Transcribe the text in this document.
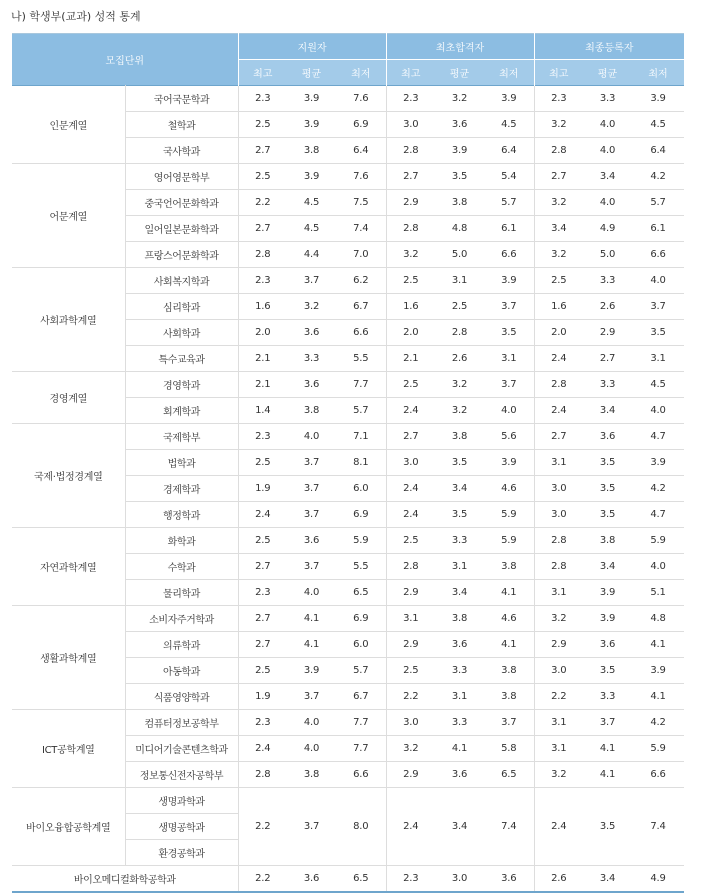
나) 학생부(교과) 성적 통계
모집단위		지원자			최초합격자			최종등록자		
		최고	평균	최저	최고	평균	최저	최고	평균	최저
인문계열	국어국문학과	2.3	3.9	7.6	2.3	3.2	3.9	2.3	3.3	3.9
	철학과	2.5	3.9	6.9	3.0	3.6	4.5	3.2	4.0	4.5
	국사학과	2.7	3.8	6.4	2.8	3.9	6.4	2.8	4.0	6.4
어문계열	영어영문학부	2.5	3.9	7.6	2.7	3.5	5.4	2.7	3.4	4.2
	중국언어문화학과	2.2	4.5	7.5	2.9	3.8	5.7	3.2	4.0	5.7
	일어일본문화학과	2.7	4.5	7.4	2.8	4.8	6.1	3.4	4.9	6.1
	프랑스어문화학과	2.8	4.4	7.0	3.2	5.0	6.6	3.2	5.0	6.6
사회과학계열	사회복지학과	2.3	3.7	6.2	2.5	3.1	3.9	2.5	3.3	4.0
	심리학과	1.6	3.2	6.7	1.6	2.5	3.7	1.6	2.6	3.7
	사회학과	2.0	3.6	6.6	2.0	2.8	3.5	2.0	2.9	3.5
	특수교육과	2.1	3.3	5.5	2.1	2.6	3.1	2.4	2.7	3.1
경영계열	경영학과	2.1	3.6	7.7	2.5	3.2	3.7	2.8	3.3	4.5
	회계학과	1.4	3.8	5.7	2.4	3.2	4.0	2.4	3.4	4.0
국제·법정경계열	국제학부	2.3	4.0	7.1	2.7	3.8	5.6	2.7	3.6	4.7
	법학과	2.5	3.7	8.1	3.0	3.5	3.9	3.1	3.5	3.9
	경제학과	1.9	3.7	6.0	2.4	3.4	4.6	3.0	3.5	4.2
	행정학과	2.4	3.7	6.9	2.4	3.5	5.9	3.0	3.5	4.7
자연과학계열	화학과	2.5	3.6	5.9	2.5	3.3	5.9	2.8	3.8	5.9
	수학과	2.7	3.7	5.5	2.8	3.1	3.8	2.8	3.4	4.0
	물리학과	2.3	4.0	6.5	2.9	3.4	4.1	3.1	3.9	5.1
생활과학계열	소비자주거학과	2.7	4.1	6.9	3.1	3.8	4.6	3.2	3.9	4.8
	의류학과	2.7	4.1	6.0	2.9	3.6	4.1	2.9	3.6	4.1
	아동학과	2.5	3.9	5.7	2.5	3.3	3.8	3.0	3.5	3.9
	식품영양학과	1.9	3.7	6.7	2.2	3.1	3.8	2.2	3.3	4.1
ICT공학계열	컴퓨터정보공학부	2.3	4.0	7.7	3.0	3.3	3.7	3.1	3.7	4.2
	미디어기술콘텐츠학과	2.4	4.0	7.7	3.2	4.1	5.8	3.1	4.1	5.9
	정보통신전자공학부	2.8	3.8	6.6	2.9	3.6	6.5	3.2	4.1	6.6
바이오융합공학계열	생명과학과	2.2	3.7	8.0	2.4	3.4	7.4	2.4	3.5	7.4
	생명공학과									
	환경공학과									
바이오메디컬화학공학과		2.2	3.6	6.5	2.3	3.0	3.6	2.6	3.4	4.9
